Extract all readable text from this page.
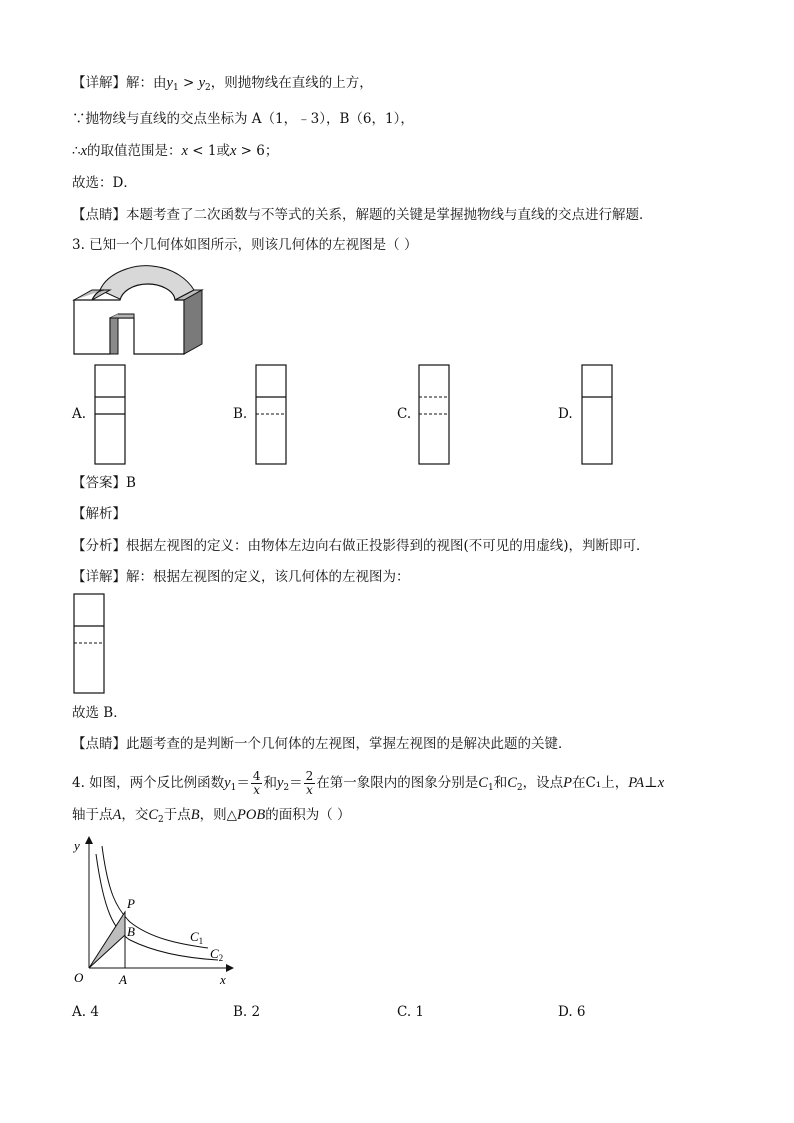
【详解】解：由$y_1 > y_2$，则抛物线在直线的上方，
∵抛物线与直线的交点坐标为 A（1，﹣3），B（6，1），
∴x的取值范围是：x < 1或x > 6；
故选：D．
【点睛】本题考查了二次函数与不等式的关系，解题的关键是掌握抛物线与直线的交点进行解题．
3. 已知一个几何体如图所示，则该几何体的左视图是（ ）
A.	B.	C.	D.
【答案】B
【解析】
【分析】根据左视图的定义：由物体左边向右做正投影得到的视图(不可见的用虚线)，判断即可．
【详解】解：根据左视图的定义，该几何体的左视图为：
故选 B．
【点睛】此题考查的是判断一个几何体的左视图，掌握左视图的是解决此题的关键．
4. 如图，两个反比例函数$y_1= \frac{4}{x}$ 和$y_2= \frac{2}{x}$ 在第一象限内的图象分别是$C_1$和$C_2$，设点P在C₁上，PA⊥x
轴于点A，交$C_2$于点B，则△POB的面积为（ ）
y
x
O	A
B
P
$C_1$
$C_2$
A. 4	B. 2	C. 1	D. 6
